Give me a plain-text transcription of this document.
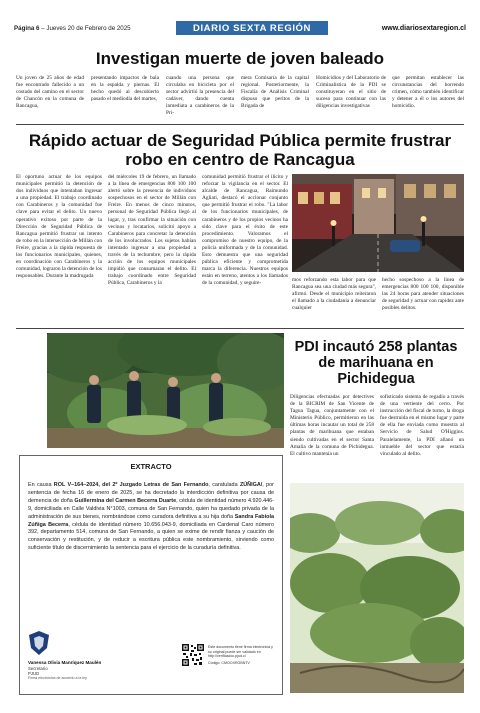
Página 6 – Jueves 20 de Febrero de 2025	DIARIO SEXTA REGIÓN	www.diariosextaregion.cl
Investigan muerte de joven baleado
Un joven de 25 años de edad fue encontrado fallecido a un costado del camino en el sector de Chancón en la comuna de Rancagua,
presentando impactos de bala en la espalda y piernas. El hecho quedó al descubierto pasado el mediodía del martes,
cuando una persona que circulaba en bicicleta por el sector advirtió la presencia del cadáver, dando cuenta inmediata a carabineros de la Pri-
mera Comisaría de la capital regional. Posteriormente, la Fiscalía de Análisis Criminal dispuso que peritos de la Brigada de
Homicidios y del Laboratorio de Criminalística de la PDI se constituyeran en el sitio de suceso para continuar con las diligencias investigativas
que permitan establecer las circunstancias del horrendo crimen, cómo también identificar y detener a él o los autores del homicidio.
Rápido actuar de Seguridad Pública permite frustrar robo en centro de Rancagua
El oportuno actuar de los equipos municipales permitió la detención de dos individuos que intentaban ingresar a una propiedad. El trabajo coordinado con Carabineros y la comunidad fue clave para evitar el delito. Un nuevo operativo exitoso por parte de la Dirección de Seguridad Pública de Rancagua permitió frustrar un intento de robo en la intersección de Millán con Freire, gracias a la rápida respuesta de los funcionarios municipales, quienes, en coordinación con Carabineros y la comunidad, lograron la detención de los responsables. Durante la madrugada
del miércoles 19 de febrero, un llamado a la línea de emergencias 800 100 100 alertó sobre la presencia de individuos sospechosos en el sector de Millán con Freire. En menos de cinco minutos, personal de Seguridad Pública llegó al lugar, y, tras confirmar la situación con vecinos y locatarios, solicitó apoyo a Carabineros para concretar la detención de los involucrados. Los sujetos habían intentado ingresar a una propiedad a través de la techumbre, pero la rápida acción de los equipos municipales impidió que consumaran el delito. El trabajo coordinado entre Seguridad Pública, Carabineros y la
comunidad permitió frustrar el ilícito y reforzar la vigilancia en el sector. El alcalde de Rancagua, Raimundo Agliati, destacó el accionar conjunto que permitió frustrar el robo. "La labor de los funcionarios municipales, de carabineros y de los propios vecinos ha sido clave para el éxito de este procedimiento. Valoramos el compromiso de nuestro equipo, de la policía uniformada y de la comunidad. Esto demuestra que una seguridad pública eficiente y comprometida marca la diferencia. Nuestros equipos están en terreno, atentos a los llamados de la comunidad, y seguire-
mos reforzando esta labor para que Rancagua sea una ciudad más segura", afirmó. Desde el municipio reiteraron el llamado a la ciudadanía a denunciar cualquier
hecho sospechoso a la línea de emergencias 800 100 100, disponible las 24 horas para atender situaciones de seguridad y actuar con rapidez ante posibles delitos.
PDI incautó 258 plantas de marihuana en Pichidegua
Diligencias efectuadas por detectives de la BICRIM de San Vicente de Tagua Tagua, conjuntamente con el Ministerio Público, permitieron en las últimas horas incautar un total de 258 plantas de marihuana que estaban siendo cultivadas en el sector Santa Amalia de la comuna de Pichidegua. El cultivo mantenía un
sofisticado sistema de regadío a través de una vertiente del cerro. Por instrucción del fiscal de turno, la droga fue destruida en el mismo lugar y parte de ella fue enviada como muestra al Servicio de Salud O'Higgins. Paralelamente, la PDI allanó un inmueble del sector que estaría vinculado al delito.
EXTRACTO
En causa ROL V–164–2024, del 2º Juzgado Letras de San Fernando, caratulada ZÚÑIGA/, por sentencia de fecha 16 de enero de 2025, se ha decretado la interdicción definitiva por causa de demencia de doña Guillermina del Carmen Becerra Duarte, cédula de identidad número 4.920.446-9, domiciliada en Calle Valdivia N°1003, comuna de San Fernando, quien ha quedado privada de la administración de sus bienes, nombrándose como curadora definitiva a su hija doña Sandra Fabiola Zúñiga Becerra, cédula de identidad número 10.656.043-9, domiciliada en Cardenal Caro número 392, departamento 514, comuna de San Fernando, a quien se exime de rendir fianza y caución de conservación y restitución, y de reducir a escritura pública este nombramiento, sirviendo como suficiente título de discernimiento la sentencia para el ejercicio de la curaduría definitiva.
Vanessa Olivia Manríquez Maulén
Secretario
PJUD
Firma electrónica de acuerdo a la ley
Este documento tiene firma electrónica y su original puede ser validado en http://verificadoc.pjud.cl
Código: CMOOXRGBNTV
